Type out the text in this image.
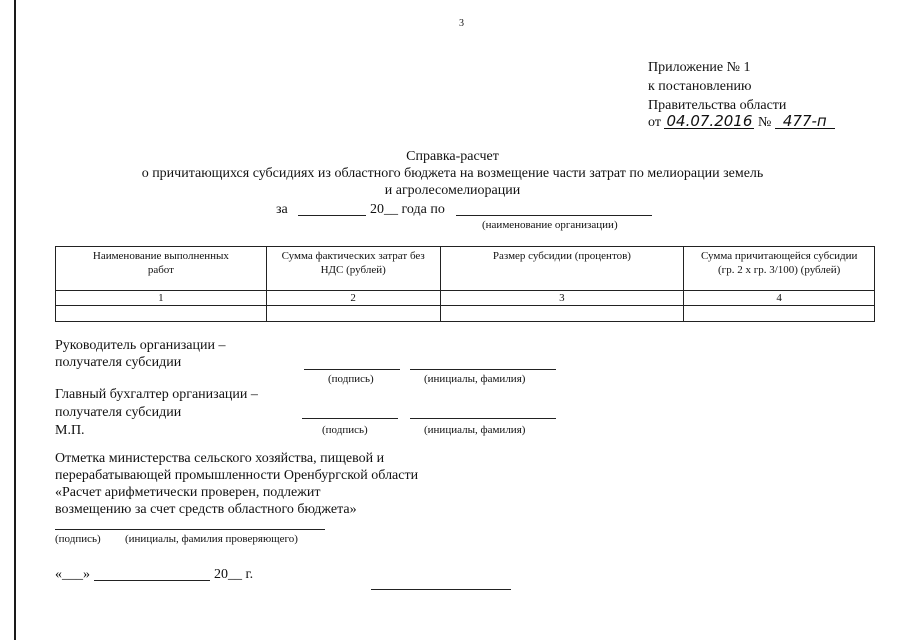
3
Приложение № 1
к постановлению
Правительства области
от 04.07.2016 № 477-п
Справка-расчет
о причитающихся субсидиях из областного бюджета на возмещение части затрат по мелиорации земель
и агролесомелиорации
за	20__ года по
(наименование организации)
Наименование выполненных работ	Сумма фактических затрат без НДС (рублей)	Размер субсидии (процентов)	Сумма причитающейся субсидии (гр. 2 х гр. 3/100) (рублей)
1	2	3	4

Руководитель организации –
получателя субсидии
(подпись)	(инициалы, фамилия)
Главный бухгалтер организации –
получателя субсидии
М.П.	(подпись)	(инициалы, фамилия)
Отметка министерства сельского хозяйства, пищевой и
перерабатывающей промышленности Оренбургской области
«Расчет арифметически проверен, подлежит
возмещению за счет средств областного бюджета»
(подпись) (инициалы, фамилия проверяющего)
«___»	20__ г.
